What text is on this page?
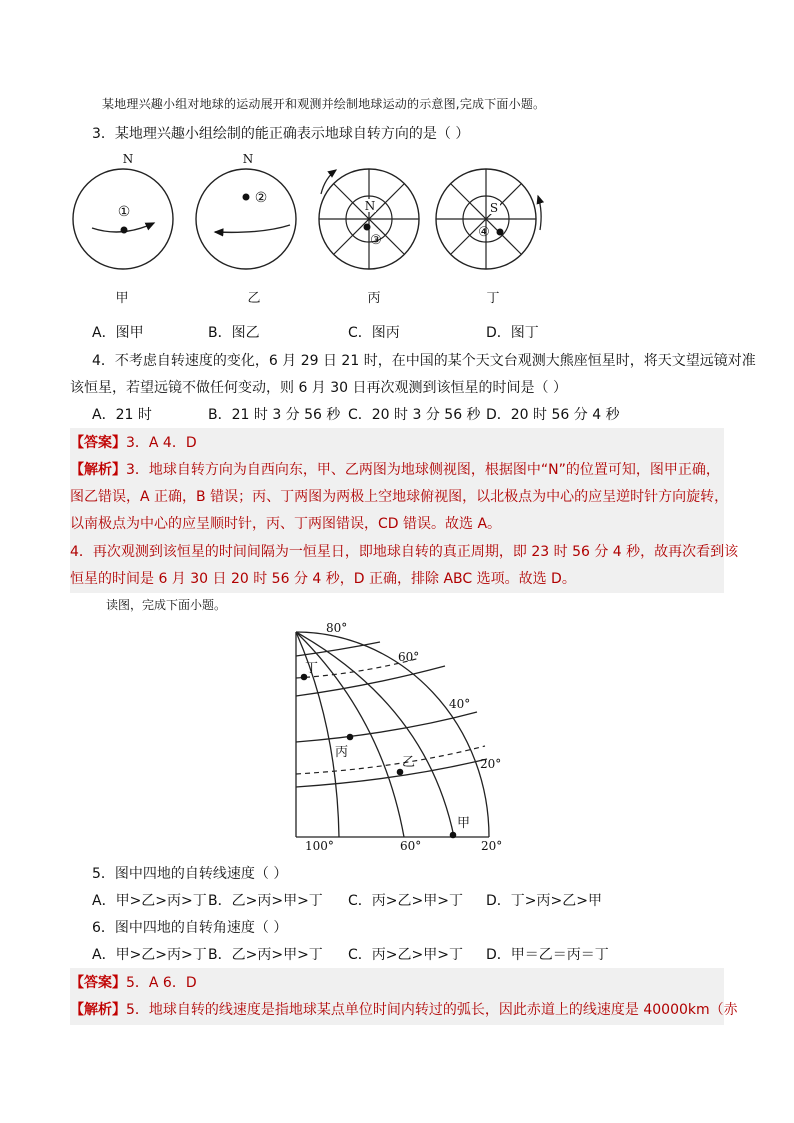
某地理兴趣小组对地球的运动展开和观测并绘制地球运动的示意图,完成下面小题。
3．某地理兴趣小组绘制的能正确表示地球自转方向的是（ ）
N
①
N
②	N
③
S
④
甲	乙	丙	丁
A．图甲	B．图乙	C．图丙	D．图丁
4．不考虑自转速度的变化，6 月 29 日 21 时，在中国的某个天文台观测大熊座恒星时，将天文望远镜对准
该恒星，若望远镜不做任何变动，则 6 月 30 日再次观测到该恒星的时间是（ ）
A．21 时	B．21 时 3 分 56 秒 C．20 时 3 分 56 秒 D．20 时 56 分 4 秒
【答案】3．A 4．D
【解析】3．地球自转方向为自西向东，甲、乙两图为地球侧视图，根据图中“N”的位置可知，图甲正确，
图乙错误，A 正确，B 错误；丙、丁两图为两极上空地球俯视图，以北极点为中心的应呈逆时针方向旋转，
以南极点为中心的应呈顺时针，丙、丁两图错误，CD 错误。故选 A。
4．再次观测到该恒星的时间间隔为一恒星日，即地球自转的真正周期，即 23 时 56 分 4 秒，故再次看到该
恒星的时间是 6 月 30 日 20 时 56 分 4 秒，D 正确，排除 ABC 选项。故选 D。
读图，完成下面小题。
80°
60°
40°
20°
100°	60°	20°
丁
丙
乙
甲
5．图中四地的自转线速度（ ）
A．甲>乙>丙>丁 B．乙>丙>甲>丁 C．丙>乙>甲>丁 D．丁>丙>乙>甲
6．图中四地的自转角速度（ ）
A．甲>乙>丙>丁 B．乙>丙>甲>丁 C．丙>乙>甲>丁 D．甲＝乙＝丙＝丁
【答案】5．A 6．D
【解析】5．地球自转的线速度是指地球某点单位时间内转过的弧长，因此赤道上的线速度是 40000km（赤
